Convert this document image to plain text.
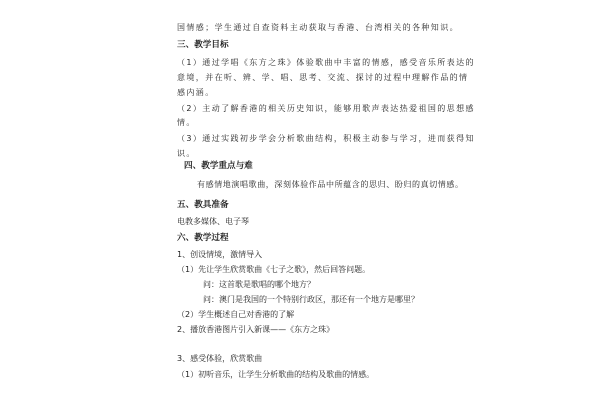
国情感；学生通过自查资料主动获取与香港、台湾相关的各种知识。
三、教学目标
（1）通过学唱《东方之珠》体验歌曲中丰富的情感，感受音乐所表达的
意境，并在听、辨、学、唱、思考、交流、探讨的过程中理解作品的情
感内涵。
（2）主动了解香港的相关历史知识，能够用歌声表达热爱祖国的思想感
情。
（3）通过实践初步学会分析歌曲结构，积极主动参与学习，进而获得知
识。
四、教学重点与难
有感情地演唱歌曲，深刻体验作品中所蕴含的思归、盼归的真切情感。
五、教具准备
电教多媒体、电子琴
六、教学过程
1、创设情境，激情导入
（1）先让学生欣赏歌曲《七子之歌》，然后回答问题。
问：这首歌是歌唱的哪个地方？
问：澳门是我国的一个特别行政区，那还有一个地方是哪里？
（2）学生概述自己对香港的了解
2、播放香港图片引入新课——《东方之珠》
3、感受体验，欣赏歌曲
（1）初听音乐，让学生分析歌曲的结构及歌曲的情感。
